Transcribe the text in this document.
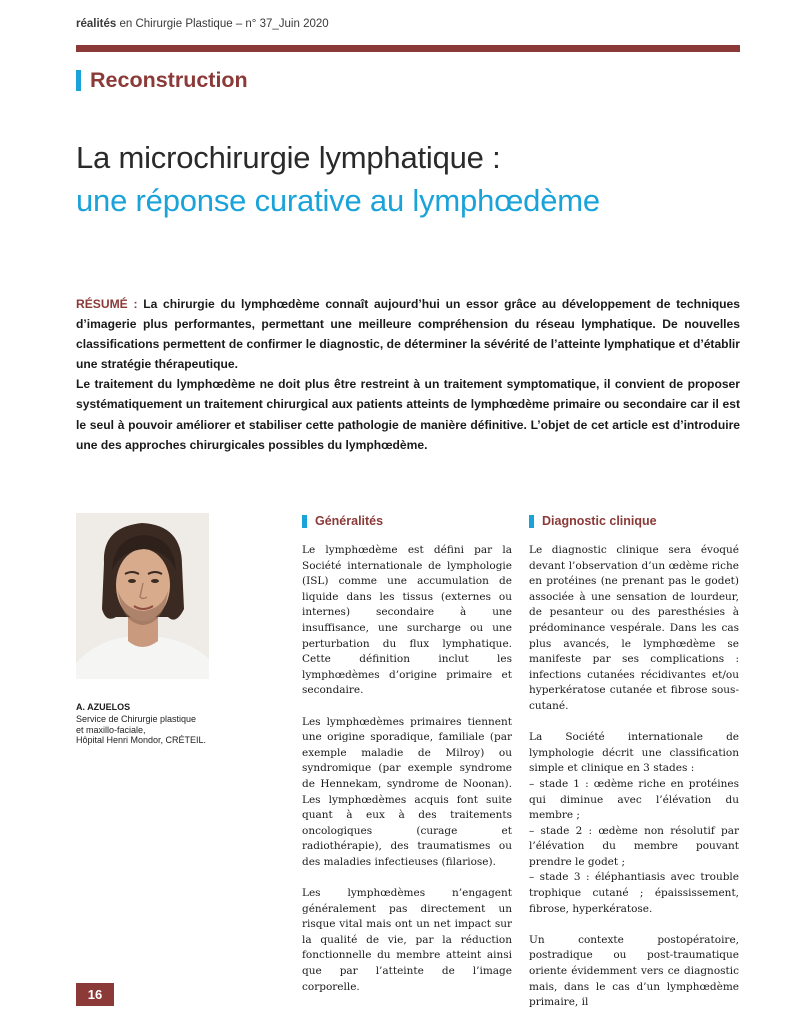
réalités en Chirurgie Plastique – n° 37_Juin 2020
Reconstruction
La microchirurgie lymphatique :
une réponse curative au lymphœdème

RÉSUMÉ : La chirurgie du lymphœdème connaît aujourd’hui un essor grâce au développement de techniques d’imagerie plus performantes, permettant une meilleure compréhension du réseau lymphatique. De nouvelles classifications permettent de confirmer le diagnostic, de déterminer la sévérité de l’atteinte lymphatique et d’établir une stratégie thérapeutique.

Le traitement du lymphœdème ne doit plus être restreint à un traitement symptomatique, il convient de proposer systématiquement un traitement chirurgical aux patients atteints de lymphœdème primaire ou secondaire car il est le seul à pouvoir améliorer et stabiliser cette pathologie de manière définitive. L’objet de cet article est d’introduire une des approches chirurgicales possibles du lymphœdème.

A. AZUELOS
Service de Chirurgie plastique
et maxillo-faciale,
Hôpital Henri Mondor, CRÉTEIL.
Généralités

Le lymphœdème est défini par la Société internationale de lymphologie (ISL) comme une accumulation de liquide dans les tissus (externes ou internes) secondaire à une insuffisance, une surcharge ou une perturbation du flux lymphatique. Cette définition inclut les lymphœdèmes d’origine primaire et secondaire.

Les lymphœdèmes primaires tiennent une origine sporadique, familiale (par exemple maladie de Milroy) ou syndromique (par exemple syndrome de Hennekam, syndrome de Noonan). Les lymphœdèmes acquis font suite quant à eux à des traitements oncologiques (curage et radiothérapie), des traumatismes ou des maladies infectieuses (filariose).

Les lymphœdèmes n’engagent généralement pas directement un risque vital mais ont un net impact sur la qualité de vie, par la réduction fonctionnelle du membre atteint ainsi que par l’atteinte de l’image corporelle.

Diagnostic clinique

Le diagnostic clinique sera évoqué devant l’observation d’un œdème riche en protéines (ne prenant pas le godet) associée à une sensation de lourdeur, de pesanteur ou des paresthésies à prédominance vespérale. Dans les cas plus avancés, le lymphœdème se manifeste par ses complications : infections cutanées récidivantes et/ou hyperkératose cutanée et fibrose sous-cutané.

La Société internationale de lymphologie décrit une classification simple et clinique en 3 stades :

– stade 1 : œdème riche en protéines qui diminue avec l’élévation du membre ;

– stade 2 : œdème non résolutif par l’élévation du membre pouvant prendre le godet ;

– stade 3 : éléphantiasis avec trouble trophique cutané ; épaississement, fibrose, hyperkératose.

Un contexte postopératoire, postradique ou post-traumatique oriente évidemment vers ce diagnostic mais, dans le cas d’un lymphœdème primaire, il

16
